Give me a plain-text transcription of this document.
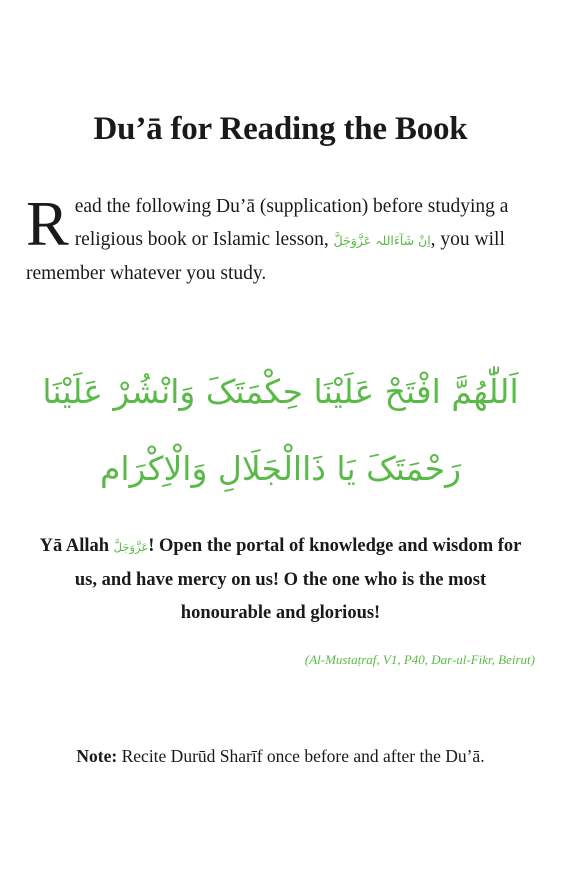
Du’ā for Reading the Book
Read the following Du’ā (supplication) before studying a religious book or Islamic lesson, اِنْ شَآءَاللہ عَزَّوَجَلَّ, you will remember whatever you study.
اَللّٰھُمَّ افْتَحْ عَلَیْنَا حِکْمَتَکَ وَانْشُرْ عَلَیْنَا
رَحْمَتَکَ یَا ذَاالْجَلَالِ وَالْاِکْرَام
Yā Allah عَزَّوَجَلَّ! Open the portal of knowledge and wisdom for us, and have mercy on us! O the one who is the most honourable and glorious!
(Al-Mustaṭraf, V1, P40, Dar-ul-Fikr, Beirut)
Note: Recite Durūd Sharīf once before and after the Du’ā.
